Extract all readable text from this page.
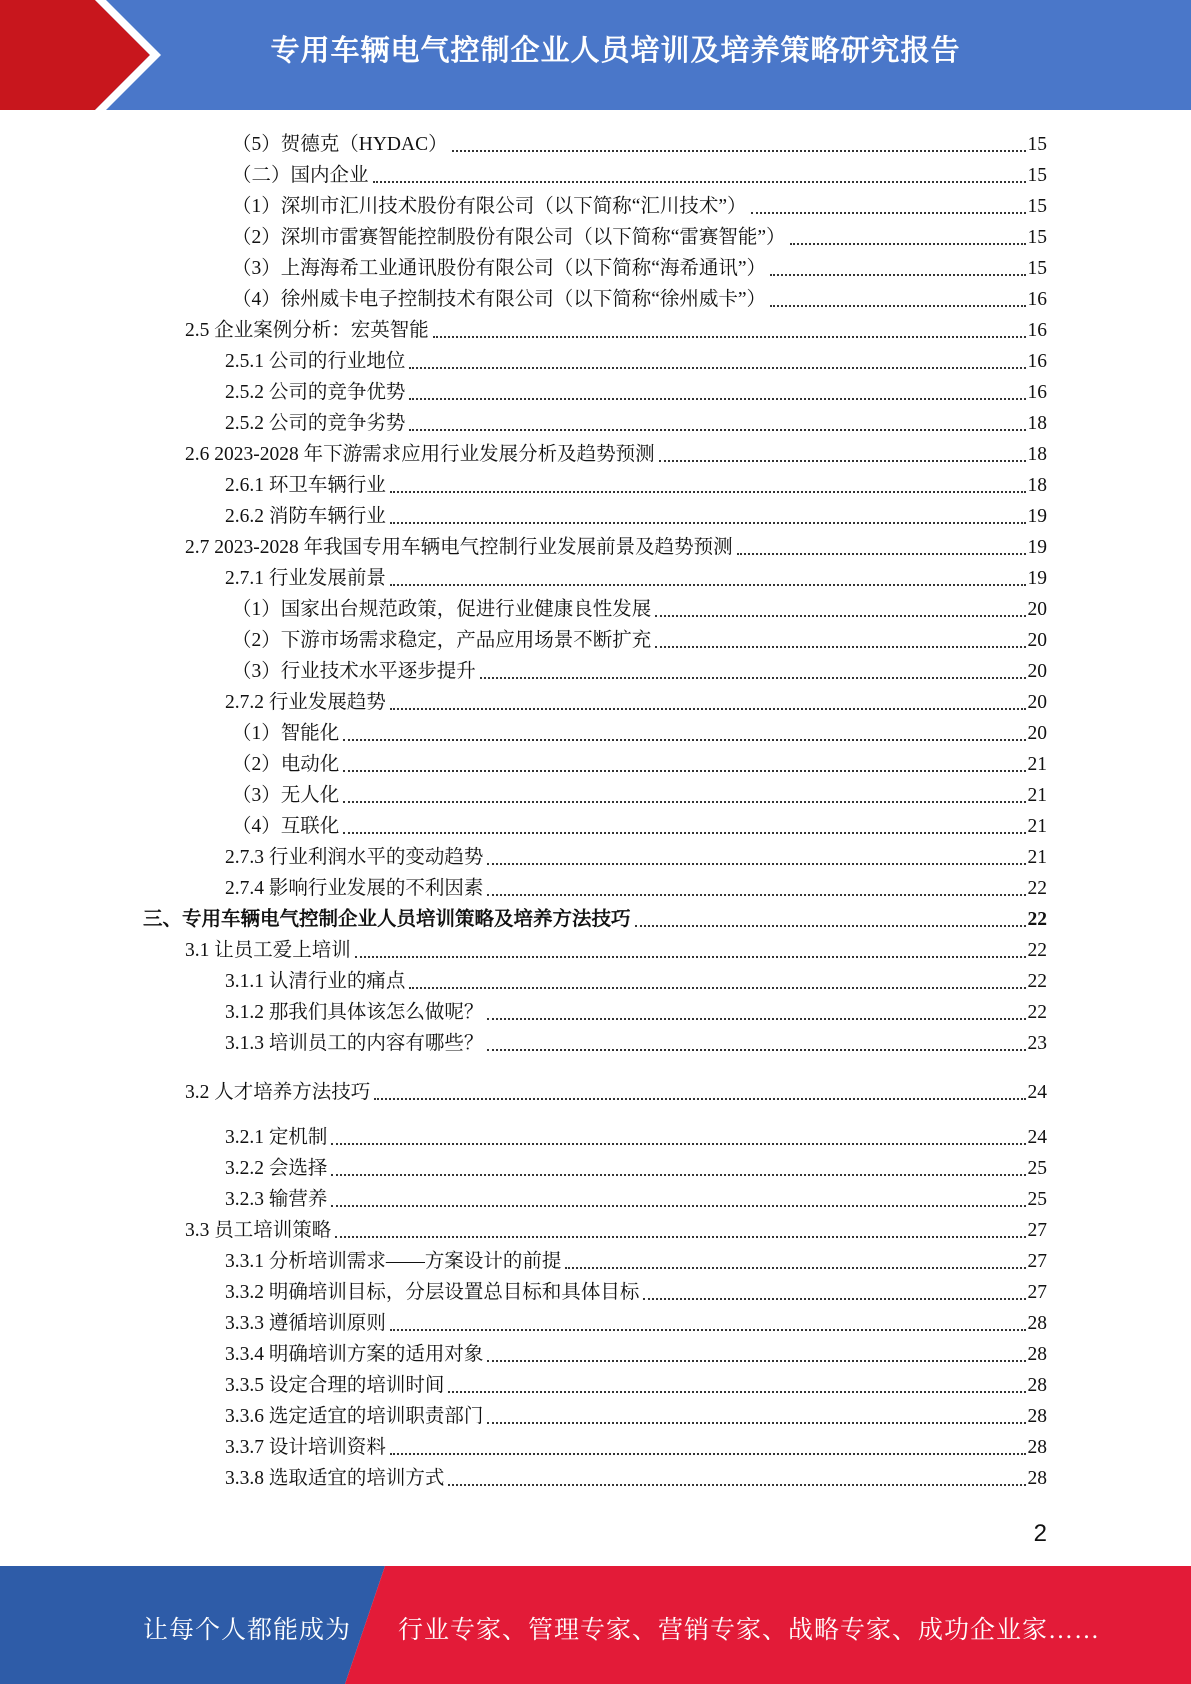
专用车辆电气控制企业人员培训及培养策略研究报告
（5）贺德克（HYDAC）	15
（二）国内企业	15
（1）深圳市汇川技术股份有限公司（以下简称“汇川技术”）	15
（2）深圳市雷赛智能控制股份有限公司（以下简称“雷赛智能”）	15
（3）上海海希工业通讯股份有限公司（以下简称“海希通讯”）	15
（4）徐州威卡电子控制技术有限公司（以下简称“徐州威卡”）	16
2.5 企业案例分析：宏英智能	16
2.5.1 公司的行业地位	16
2.5.2 公司的竞争优势	16
2.5.2 公司的竞争劣势	18
2.6 2023-2028 年下游需求应用行业发展分析及趋势预测	18
2.6.1 环卫车辆行业	18
2.6.2 消防车辆行业	19
2.7 2023-2028 年我国专用车辆电气控制行业发展前景及趋势预测	19
2.7.1 行业发展前景	19
（1）国家出台规范政策，促进行业健康良性发展	20
（2）下游市场需求稳定，产品应用场景不断扩充	20
（3）行业技术水平逐步提升	20
2.7.2 行业发展趋势	20
（1）智能化	20
（2）电动化	21
（3）无人化	21
（4）互联化	21
2.7.3 行业利润水平的变动趋势	21
2.7.4 影响行业发展的不利因素	22
三、专用车辆电气控制企业人员培训策略及培养方法技巧	22
3.1 让员工爱上培训	22
3.1.1 认清行业的痛点	22
3.1.2 那我们具体该怎么做呢？	22
3.1.3 培训员工的内容有哪些？	23
3.2 人才培养方法技巧	24
3.2.1 定机制	24
3.2.2 会选择	25
3.2.3 输营养	25
3.3 员工培训策略	27
3.3.1 分析培训需求——方案设计的前提	27
3.3.2 明确培训目标，分层设置总目标和具体目标	27
3.3.3 遵循培训原则	28
3.3.4 明确培训方案的适用对象	28
3.3.5 设定合理的培训时间	28
3.3.6 选定适宜的培训职责部门	28
3.3.7 设计培训资料	28
3.3.8 选取适宜的培训方式	28
2
让每个人都能成为 行业专家、管理专家、营销专家、战略专家、成功企业家……
